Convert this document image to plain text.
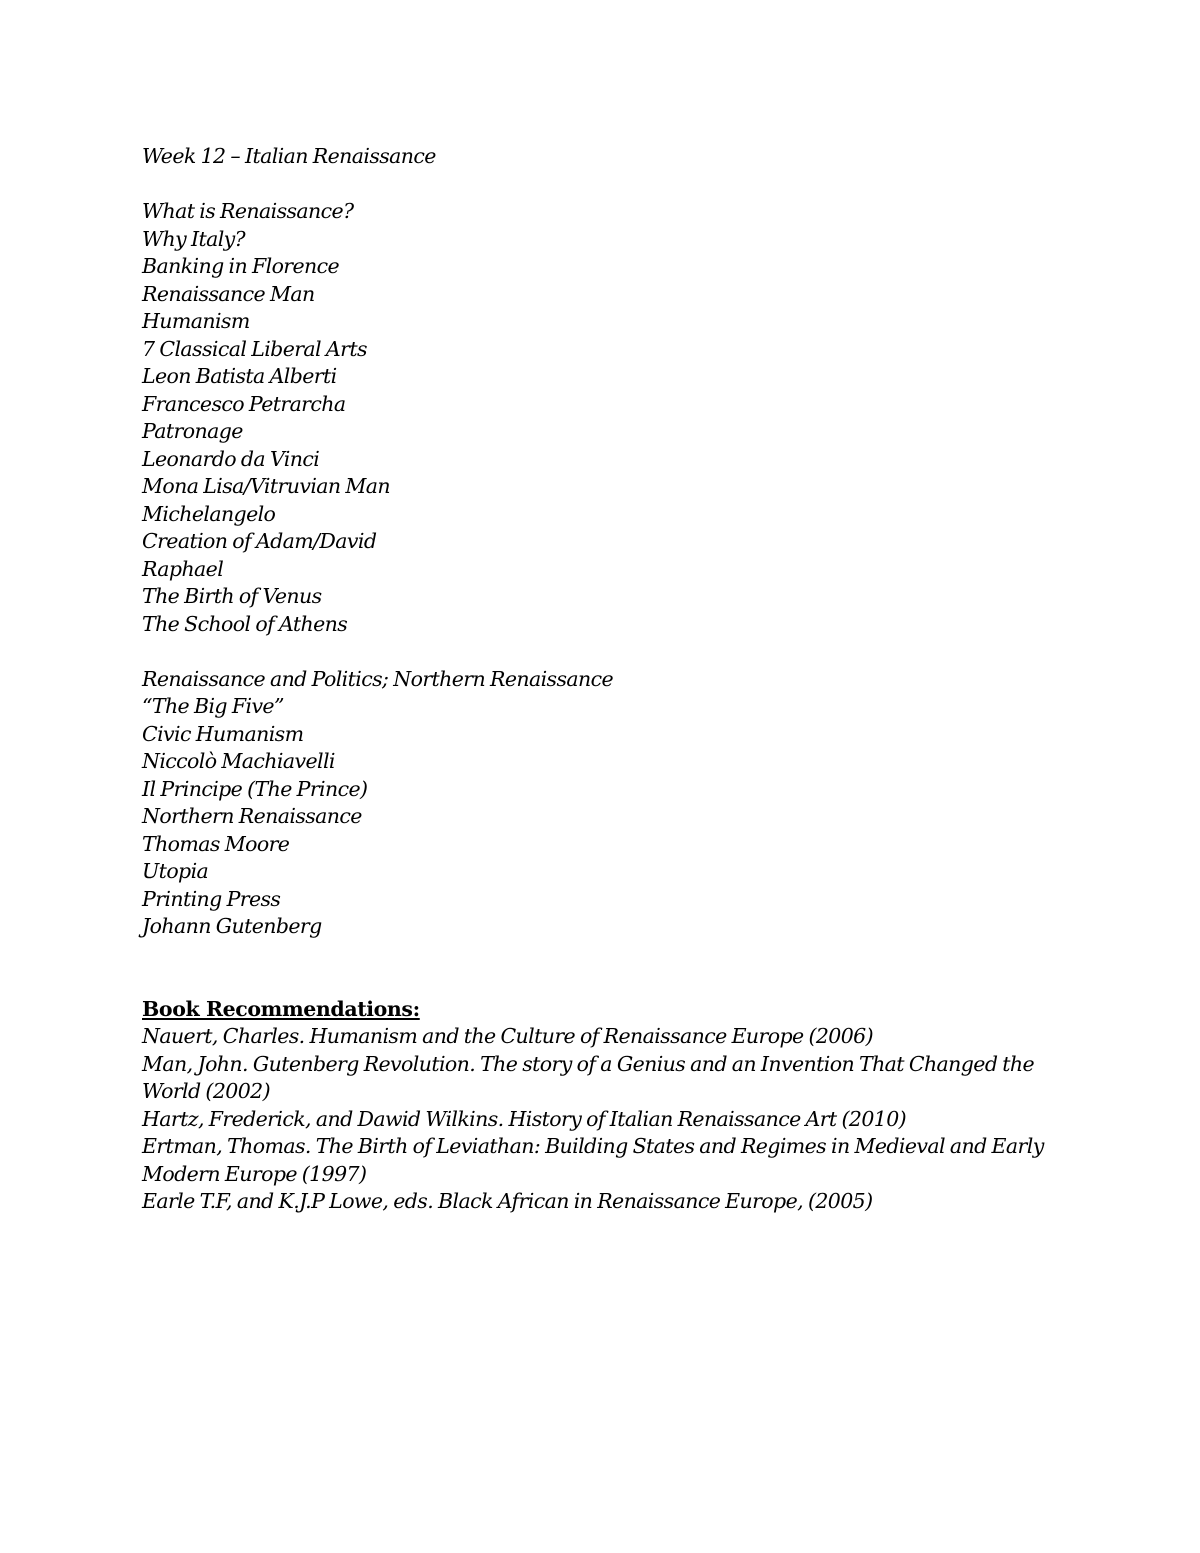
Week 12 – Italian Renaissance
What is Renaissance?
Why Italy?
Banking in Florence
Renaissance Man
Humanism
7 Classical Liberal Arts
Leon Batista Alberti
Francesco Petrarcha
Patronage
Leonardo da Vinci
Mona Lisa/Vitruvian Man
Michelangelo
Creation of Adam/David
Raphael
The Birth of Venus
The School of Athens
Renaissance and Politics; Northern Renaissance
“The Big Five”
Civic Humanism
Niccolò Machiavelli
Il Principe (The Prince)
Northern Renaissance
Thomas Moore
Utopia
Printing Press
Johann Gutenberg
Book Recommendations:
Nauert, Charles. Humanism and the Culture of Renaissance Europe (2006)
Man, John. Gutenberg Revolution. The story of a Genius and an Invention That Changed the World (2002)
Hartz, Frederick, and Dawid Wilkins. History of Italian Renaissance Art (2010)
Ertman, Thomas. The Birth of Leviathan: Building States and Regimes in Medieval and Early Modern Europe (1997)
Earle T.F, and K.J.P Lowe, eds. Black African in Renaissance Europe, (2005)
